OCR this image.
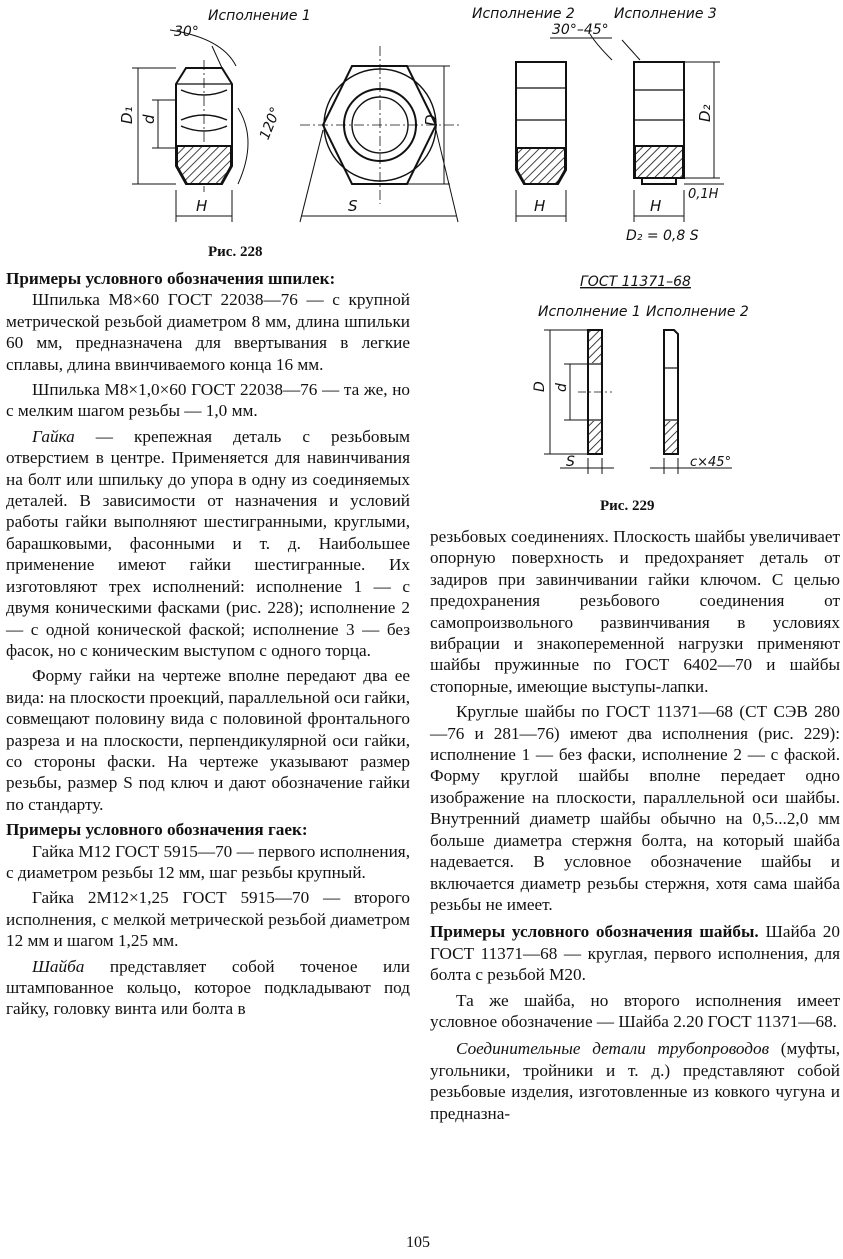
Исполнение 1	Исполнение 2	Исполнение 3
30°
120°
D₁ d
H
D
S	H
30°–45°
D₂
0,1H
H
D₂ = 0,8 S
Рис. 228
ГОСТ 11371–68
Исполнение 1 Исполнение 2
D d
S	c×45°
Рис. 229

Примеры условного обозначения шпилек:

Шпилька М8×60 ГОСТ 22038—76 — с крупной метрической резьбой диаметром 8 мм, длина шпильки 60 мм, предназначена для ввертывания в легкие сплавы, длина ввинчиваемого конца 16 мм.

Шпилька М8×1,0×60 ГОСТ 22038—76 — та же, но с мелким шагом резьбы — 1,0 мм.

Гайка — крепежная деталь с резьбовым отверстием в центре. Применяется для навинчивания на болт или шпильку до упора в одну из соединяемых деталей. В зависимости от назначения и условий работы гайки выполняют шестигранными, круглыми, барашковыми, фасонными и т. д. Наибольшее применение имеют гайки шестигранные. Их изготовляют трех исполнений: исполнение 1 — с двумя коническими фасками (рис. 228); исполнение 2 — с одной конической фаской; исполнение 3 — без фасок, но с коническим выступом с одного торца.

Форму гайки на чертеже вполне передают два ее вида: на плоскости проекций, параллельной оси гайки, совмещают половину вида с половиной фронтального разреза и на плоскости, перпендикулярной оси гайки, со стороны фаски. На чертеже указывают размер резьбы, размер S под ключ и дают обозначение гайки по стандарту.

Примеры условного обозначения гаек:

Гайка М12 ГОСТ 5915—70 — первого исполнения, с диаметром резьбы 12 мм, шаг резьбы крупный.

Гайка 2М12×1,25 ГОСТ 5915—70 — второго исполнения, с мелкой метрической резьбой диаметром 12 мм и шагом 1,25 мм.

Шайба представляет собой точеное или штампованное кольцо, которое подкладывают под гайку, головку винта или болта в

резьбовых соединениях. Плоскость шайбы увеличивает опорную поверхность и предохраняет деталь от задиров при завинчивании гайки ключом. С целью предохранения резьбового соединения от самопроизвольного развинчивания в условиях вибрации и знакопеременной нагрузки применяют шайбы пружинные по ГОСТ 6402—70 и шайбы стопорные, имеющие выступы-лапки.

Круглые шайбы по ГОСТ 11371—68 (СТ СЭВ 280—76 и 281—76) имеют два исполнения (рис. 229): исполнение 1 — без фаски, исполнение 2 — с фаской. Форму круглой шайбы вполне передает одно изображение на плоскости, параллельной оси шайбы. Внутренний диаметр шайбы обычно на 0,5...2,0 мм больше диаметра стержня болта, на который шайба надевается. В условное обозначение шайбы и включается диаметр резьбы стержня, хотя сама шайба резьбы не имеет.

Примеры условного обозначения шайбы. Шайба 20 ГОСТ 11371—68 — круглая, первого исполнения, для болта с резьбой М20.

Та же шайба, но второго исполнения имеет условное обозначение — Шайба 2.20 ГОСТ 11371—68.

Соединительные детали трубопроводов (муфты, угольники, тройники и т. д.) представляют собой резьбовые изделия, изготовленные из ковкого чугуна и предназна-

105
